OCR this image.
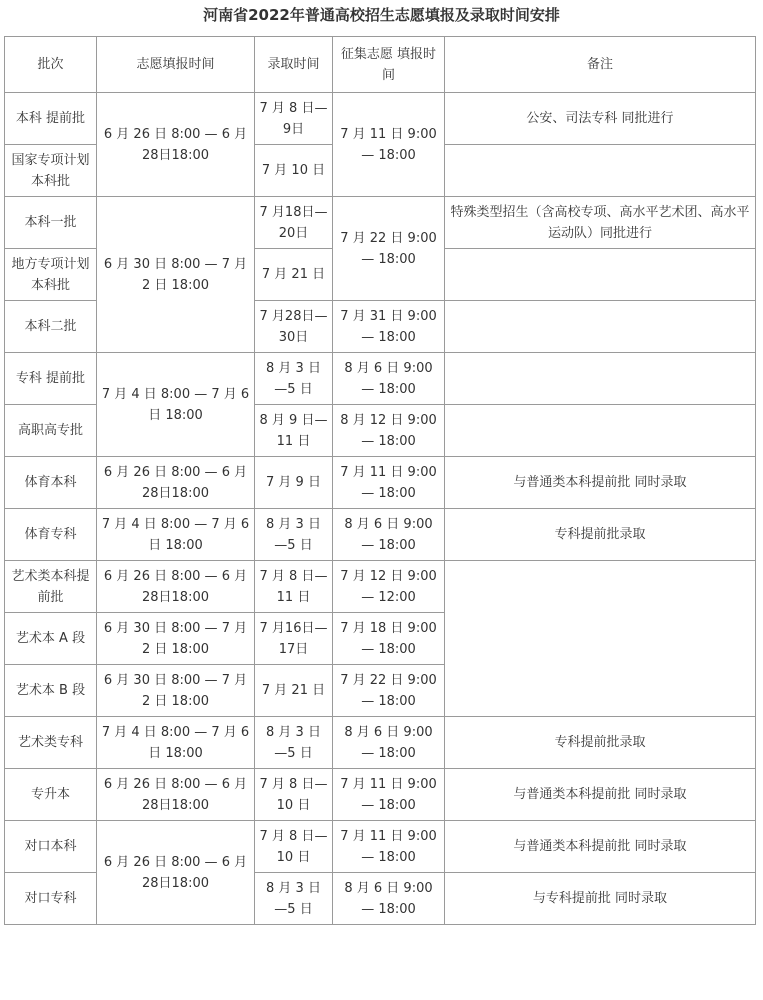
河南省2022年普通高校招生志愿填报及录取时间安排
批次	志愿填报时间	录取时间	征集志愿 填报时间	备注
本科 提前批	6 月 26 日 8:00 — 6 月 28日18:00	7 月 8 日— 9日	7 月 11 日 9:00 — 18:00	公安、司法专科 同批进行
国家专项计划本科批		7 月 10 日		
本科一批	6 月 30 日 8:00 — 7 月 2 日 18:00	7 月18日— 20日	7 月 22 日 9:00 — 18:00	特殊类型招生（含高校专项、高水平艺术团、高水平运动队）同批进行
地方专项计划本科批		7 月 21 日		
本科二批		7 月28日— 30日	7 月 31 日 9:00— 18:00	
专科 提前批	7 月 4 日 8:00 — 7 月 6 日 18:00	8 月 3 日 —5 日	8 月 6 日 9:00 — 18:00	
高职高专批		8 月 9 日— 11 日	8 月 12 日 9:00 — 18:00	
体育本科	6 月 26 日 8:00 — 6 月 28日18:00	7 月 9 日	7 月 11 日 9:00 — 18:00	与普通类本科提前批 同时录取
体育专科	7 月 4 日 8:00 — 7 月 6 日 18:00	8 月 3 日 —5 日	8 月 6 日 9:00 — 18:00	专科提前批录取
艺术类本科提前批	6 月 26 日 8:00 — 6 月 28日18:00	7 月 8 日— 11 日	7 月 12 日 9:00 — 12:00	
艺术本 A 段	6 月 30 日 8:00 — 7 月 2 日 18:00	7 月16日— 17日	7 月 18 日 9:00 — 18:00	
艺术本 B 段	6 月 30 日 8:00 — 7 月 2 日 18:00	7 月 21 日	7 月 22 日 9:00 — 18:00	
艺术类专科	7 月 4 日 8:00 — 7 月 6 日 18:00	8 月 3 日 —5 日	8 月 6 日 9:00 — 18:00	专科提前批录取
专升本	6 月 26 日 8:00 — 6 月 28日18:00	7 月 8 日— 10 日	7 月 11 日 9:00 — 18:00	与普通类本科提前批 同时录取
对口本科	6 月 26 日 8:00 — 6 月 28日18:00	7 月 8 日— 10 日	7 月 11 日 9:00 — 18:00	与普通类本科提前批 同时录取
对口专科		8 月 3 日 —5 日	8 月 6 日 9:00 — 18:00	与专科提前批 同时录取
